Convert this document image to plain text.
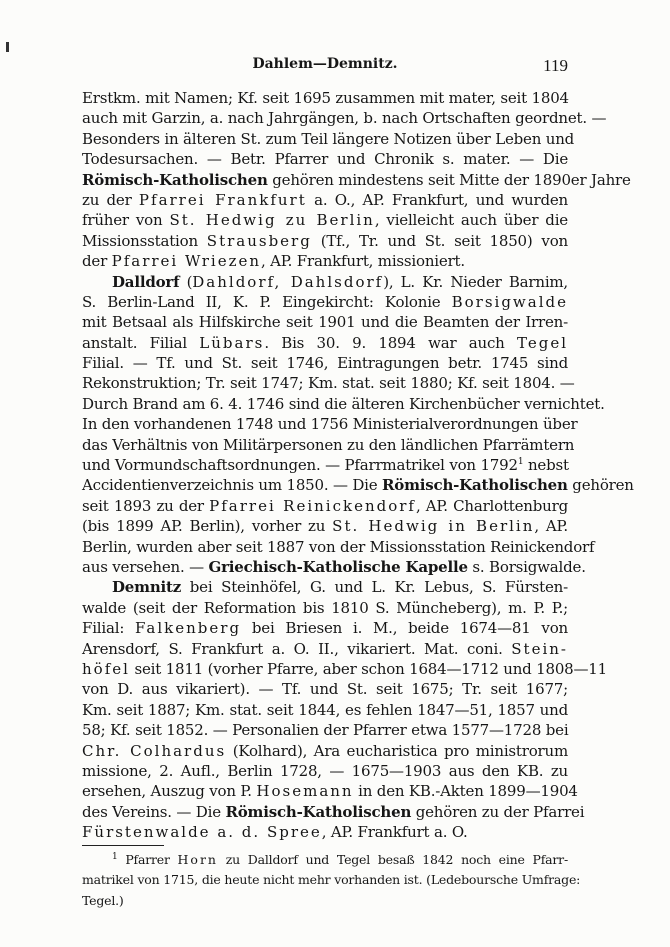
Dahlem—Demnitz.	119
Erstkm. mit Namen; Kf. seit 1695 zusammen mit mater, seit 1804
auch mit Garzin, a. nach Jahrgängen, b. nach Ortschaften geordnet. —
Besonders in älteren St. zum Teil längere Notizen über Leben und
Todesursachen. — Betr. Pfarrer und Chronik s. mater. — Die
Römisch-Katholischen gehören mindestens seit Mitte der 1890er Jahre
zu der Pfarrei Frankfurt a. O., AP. Frankfurt, und wurden
früher von St. Hedwig zu Berlin, vielleicht auch über die
Missionsstation Strausberg (Tf., Tr. und St. seit 1850) von
der Pfarrei Wriezen, AP. Frankfurt, missioniert.
Dalldorf (Dahldorf, Dahlsdorf), L. Kr. Nieder Barnim,
S. Berlin-Land II, K. P. Eingekircht: Kolonie Borsigwalde
mit Betsaal als Hilfskirche seit 1901 und die Beamten der Irren-
anstalt. Filial Lübars. Bis 30. 9. 1894 war auch Tegel
Filial. — Tf. und St. seit 1746, Eintragungen betr. 1745 sind
Rekonstruktion; Tr. seit 1747; Km. stat. seit 1880; Kf. seit 1804. —
Durch Brand am 6. 4. 1746 sind die älteren Kirchenbücher vernichtet.
In den vorhandenen 1748 und 1756 Ministerialverordnungen über
das Verhältnis von Militärpersonen zu den ländlichen Pfarrämtern
und Vormundschaftsordnungen. — Pfarrmatrikel von 1792$^1$ nebst
Accidentienverzeichnis um 1850. — Die Römisch-Katholischen gehören
seit 1893 zu der Pfarrei Reinickendorf, AP. Charlottenburg
(bis 1899 AP. Berlin), vorher zu St. Hedwig in Berlin, AP.
Berlin, wurden aber seit 1887 von der Missionsstation Reinickendorf
aus versehen. — Griechisch-Katholische Kapelle s. Borsigwalde.
Demnitz bei Steinhöfel, G. und L. Kr. Lebus, S. Fürsten-
walde (seit der Reformation bis 1810 S. Müncheberg), m. P. P.;
Filial: Falkenberg bei Briesen i. M., beide 1674—81 von
Arensdorf, S. Frankfurt a. O. II., vikariert. Mat. coni. Stein-
höfel seit 1811 (vorher Pfarre, aber schon 1684—1712 und 1808—11
von D. aus vikariert). — Tf. und St. seit 1675; Tr. seit 1677;
Km. seit 1887; Km. stat. seit 1844, es fehlen 1847—51, 1857 und
58; Kf. seit 1852. — Personalien der Pfarrer etwa 1577—1728 bei
Chr. Colhardus (Kolhard), Ara eucharistica pro ministrorum
missione, 2. Aufl., Berlin 1728, — 1675—1903 aus den KB. zu
ersehen, Auszug von P. Hosemann in den KB.-Akten 1899—1904
des Vereins. — Die Römisch-Katholischen gehören zu der Pfarrei
Fürstenwalde a. d. Spree, AP. Frankfurt a. O.
$^1$ Pfarrer Horn zu Dalldorf und Tegel besaß 1842 noch eine Pfarr-
matrikel von 1715, die heute nicht mehr vorhanden ist. (Ledeboursche Umfrage:
Tegel.)
